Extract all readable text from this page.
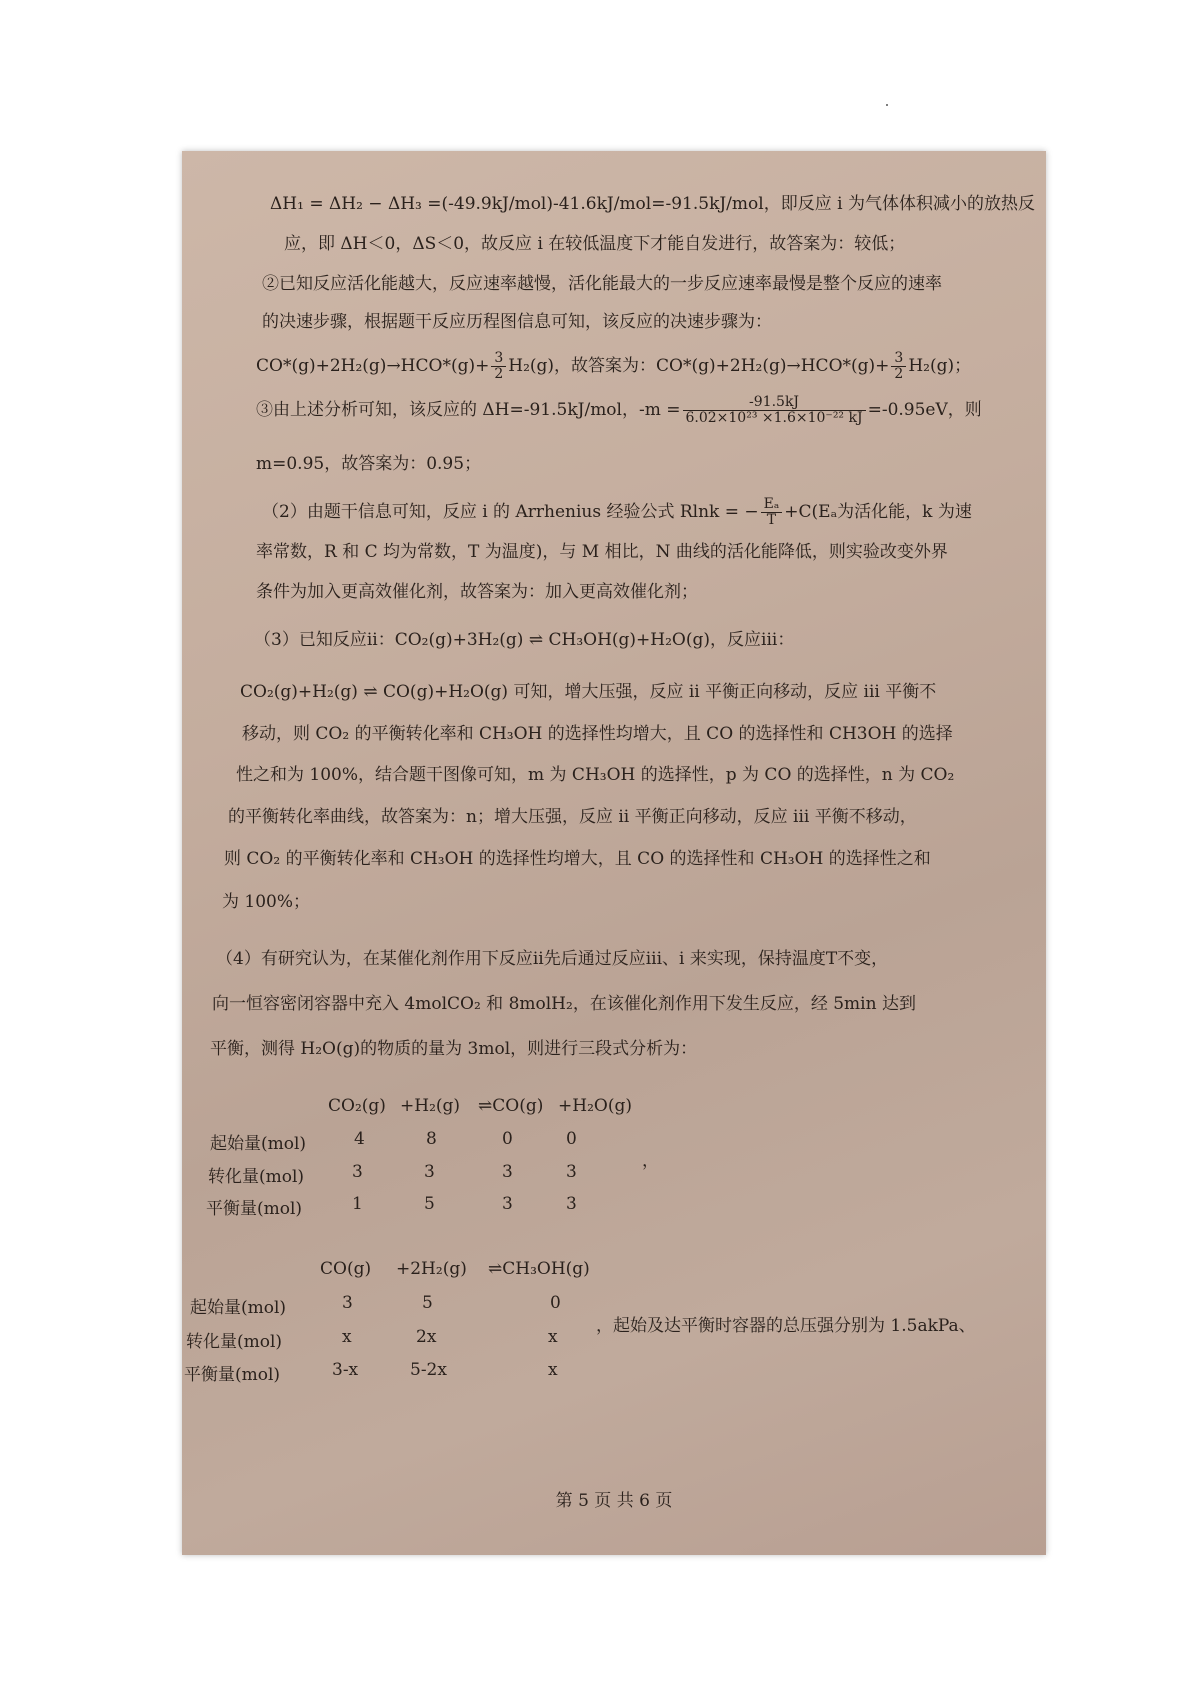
ΔH₁ = ΔH₂ − ΔH₃ =(-49.9kJ/mol)-41.6kJ/mol=-91.5kJ/mol，即反应 i 为气体体积减小的放热反
应，即 ΔH＜0，ΔS＜0，故反应 i 在较低温度下才能自发进行，故答案为：较低；
②已知反应活化能越大，反应速率越慢，活化能最大的一步反应速率最慢是整个反应的速率
的决速步骤，根据题干反应历程图信息可知，该反应的决速步骤为：
$CO*(g)+2H_2(g)\to HCO*(g)+ \frac{3}{2} H_2(g)$，故答案为：$CO*(g)+2H_2(g)\to HCO*(g)+ \frac{3}{2} H_2(g)$；
③由上述分析可知，该反应的 ΔH=-91.5kJ/mol，$-m = \frac{-91.5kJ}{\text{6.02×10²³ ×1.6×10⁻²² kJ}} =-0.95eV$，则
m=0.95，故答案为：0.95；
（2）由题干信息可知，反应 i 的 Arrhenius 经验公式 Rlnk = − $\frac{\text{Eₐ}}{T} +C(E_a$为活化能，k 为速
率常数，R 和 C 均为常数，T 为温度)，与 M 相比，N 曲线的活化能降低，则实验改变外界
条件为加入更高效催化剂，故答案为：加入更高效催化剂；
（3）已知反应ii：CO₂(g)+3H₂(g) ⇌ CH₃OH(g)+H₂O(g)，反应iii：
CO₂(g)+H₂(g) ⇌ CO(g)+H₂O(g) 可知，增大压强，反应 ii 平衡正向移动，反应 iii 平衡不
移动，则 CO₂ 的平衡转化率和 CH₃OH 的选择性均增大，且 CO 的选择性和 CH3OH 的选择
性之和为 100%，结合题干图像可知，m 为 CH₃OH 的选择性，p 为 CO 的选择性，n 为 CO₂
的平衡转化率曲线，故答案为：n；增大压强，反应 ii 平衡正向移动，反应 iii 平衡不移动，
则 CO₂ 的平衡转化率和 CH₃OH 的选择性均增大，且 CO 的选择性和 CH₃OH 的选择性之和
为 100%；
（4）有研究认为，在某催化剂作用下反应ii先后通过反应iii、i 来实现，保持温度T不变，
向一恒容密闭容器中充入 4molCO₂ 和 8molH₂，在该催化剂作用下发生反应，经 5min 达到
平衡，测得 H₂O(g)的物质的量为 3mol，则进行三段式分析为：
CO₂(g) +H₂(g) ⇌CO(g) +H₂O(g)
起始量(mol)	4	8	0	0
转化量(mol)	3	3	3	3
，
平衡量(mol)	1	5	3	3
CO(g) +2H₂(g) ⇌CH₃OH(g)
起始量(mol)	3	5	0
转化量(mol)	x	2x	x
，起始及达平衡时容器的总压强分别为 1.5akPa、
平衡量(mol)	3-x	5-2x	x
第 5 页 共 6 页
